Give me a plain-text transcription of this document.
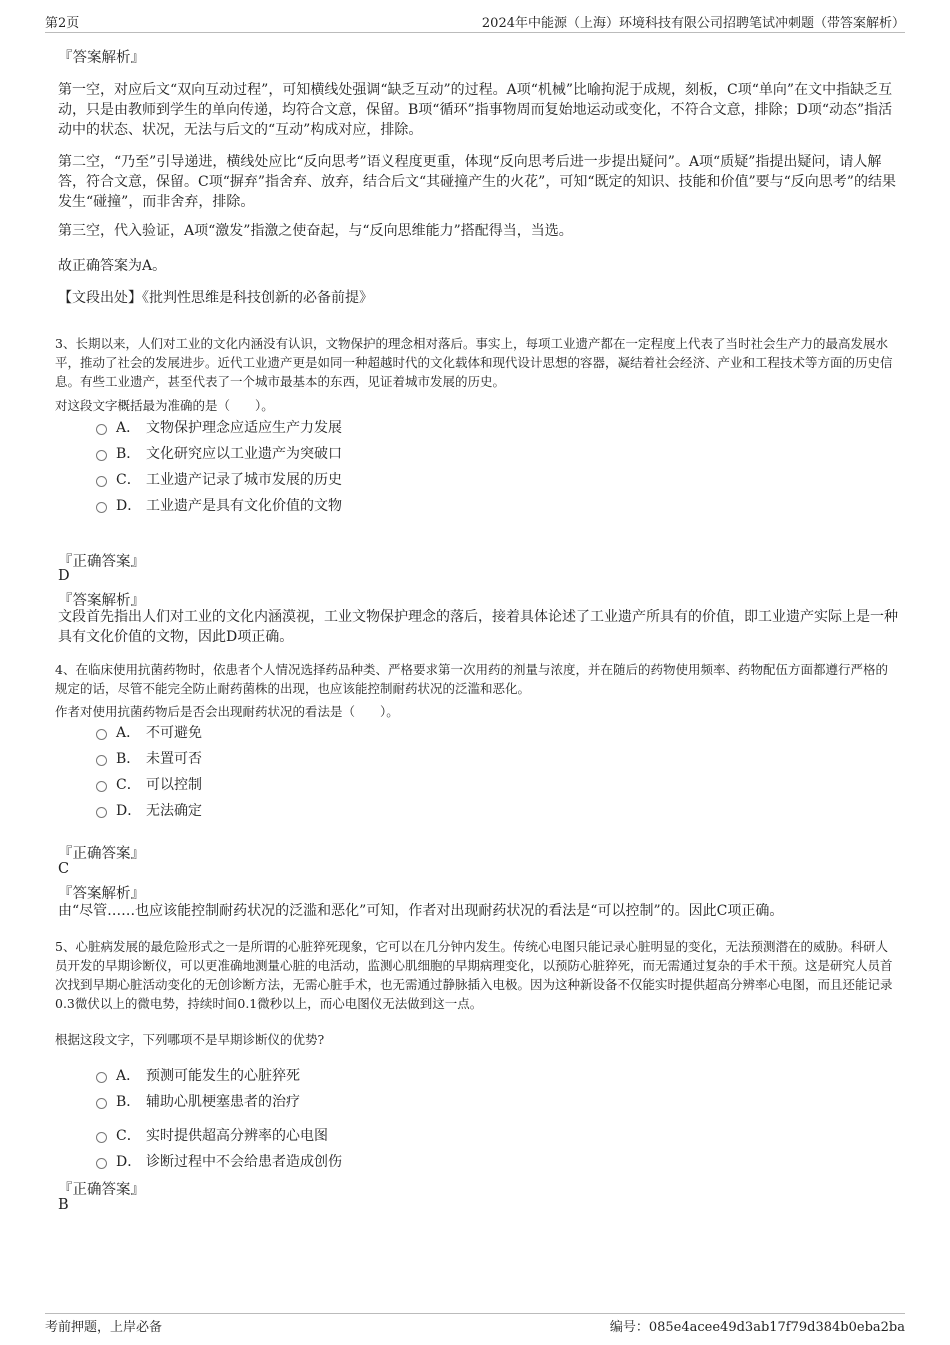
第2页	2024年中能源（上海）环境科技有限公司招聘笔试冲刺题（带答案解析）
『答案解析』

第一空，对应后文“双向互动过程”，可知横线处强调“缺乏互动”的过程。A项“机械”比喻拘泥于成规，刻板，C项“单向”在文中指缺乏互动，只是由教师到学生的单向传递，均符合文意，保留。B项“循环”指事物周而复始地运动或变化，不符合文意，排除；D项“动态”指活动中的状态、状况，无法与后文的“互动”构成对应，排除。

第二空，“乃至”引导递进，横线处应比“反向思考”语义程度更重，体现“反向思考后进一步提出疑问”。A项“质疑”指提出疑问，请人解答，符合文意，保留。C项“摒弃”指舍弃、放弃，结合后文“其碰撞产生的火花”，可知“既定的知识、技能和价值”要与“反向思考”的结果发生“碰撞”，而非舍弃，排除。

第三空，代入验证，A项“激发”指激之使奋起，与“反向思维能力”搭配得当，当选。

故正确答案为A。

【文段出处】《批判性思维是科技创新的必备前提》

3、长期以来，人们对工业的文化内涵没有认识，文物保护的理念相对落后。事实上，每项工业遗产都在一定程度上代表了当时社会生产力的最高发展水平，推动了社会的发展进步。近代工业遗产更是如同一种超越时代的文化载体和现代设计思想的容器，凝结着社会经济、产业和工程技术等方面的历史信息。有些工业遗产，甚至代表了一个城市最基本的东西，见证着城市发展的历史。

对这段文字概括最为准确的是（　　）。

A． 文物保护理念应适应生产力发展
B． 文化研究应以工业遗产为突破口
C． 工业遗产记录了城市发展的历史
D． 工业遗产是具有文化价值的文物
『正确答案』
D
『答案解析』

文段首先指出人们对工业的文化内涵漠视，工业文物保护理念的落后，接着具体论述了工业遗产所具有的价值，即工业遗产实际上是一种具有文化价值的文物，因此D项正确。

4、在临床使用抗菌药物时，依患者个人情况选择药品种类、严格要求第一次用药的剂量与浓度，并在随后的药物使用频率、药物配伍方面都遵行严格的规定的话，尽管不能完全防止耐药菌株的出现，也应该能控制耐药状况的泛滥和恶化。

作者对使用抗菌药物后是否会出现耐药状况的看法是（　　）。

A． 不可避免
B． 未置可否
C． 可以控制
D． 无法确定
『正确答案』
C
『答案解析』

由“尽管……也应该能控制耐药状况的泛滥和恶化”可知，作者对出现耐药状况的看法是“可以控制”的。因此C项正确。

5、心脏病发展的最危险形式之一是所谓的心脏猝死现象，它可以在几分钟内发生。传统心电图只能记录心脏明显的变化，无法预测潜在的威胁。科研人员开发的早期诊断仪，可以更准确地测量心脏的电活动，监测心肌细胞的早期病理变化，以预防心脏猝死，而无需通过复杂的手术干预。这是研究人员首次找到早期心脏活动变化的无创诊断方法，无需心脏手术，也无需通过静脉插入电极。因为这种新设备不仅能实时提供超高分辨率心电图，而且还能记录0.3微伏以上的微电势，持续时间0.1微秒以上，而心电图仪无法做到这一点。

根据这段文字，下列哪项不是早期诊断仪的优势?

A． 预测可能发生的心脏猝死
B． 辅助心肌梗塞患者的治疗
C． 实时提供超高分辨率的心电图
D． 诊断过程中不会给患者造成创伤
『正确答案』
B
考前押题，上岸必备	编号：085e4acee49d3ab17f79d384b0eba2ba
